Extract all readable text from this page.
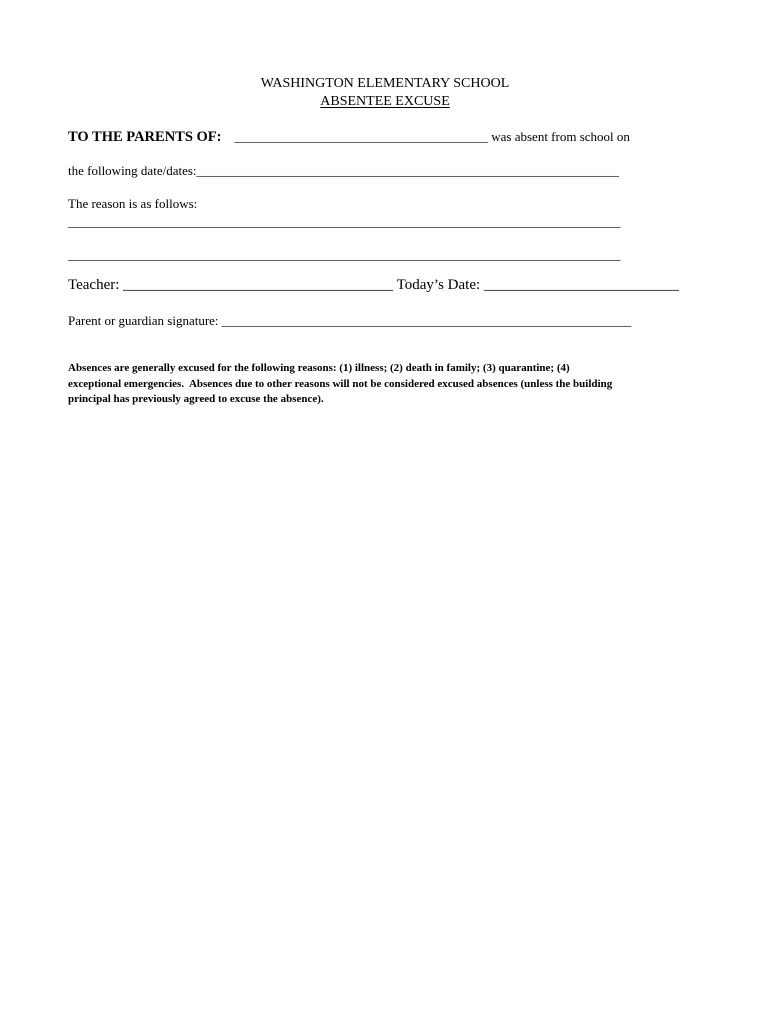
WASHINGTON ELEMENTARY SCHOOL
ABSENTEE EXCUSE
TO THE PARENTS OF: _______________________________________ was absent from school on
the following date/dates:_________________________________________________________________
The reason is as follows:
_____________________________________________________________________________________
_____________________________________________________________________________________
Teacher: ____________________________________ Today’s Date: __________________________
Parent or guardian signature: _______________________________________________________________
Absences are generally excused for the following reasons: (1) illness; (2) death in family; (3) quarantine; (4)
exceptional emergencies.  Absences due to other reasons will not be considered excused absences (unless the building
principal has previously agreed to excuse the absence).
